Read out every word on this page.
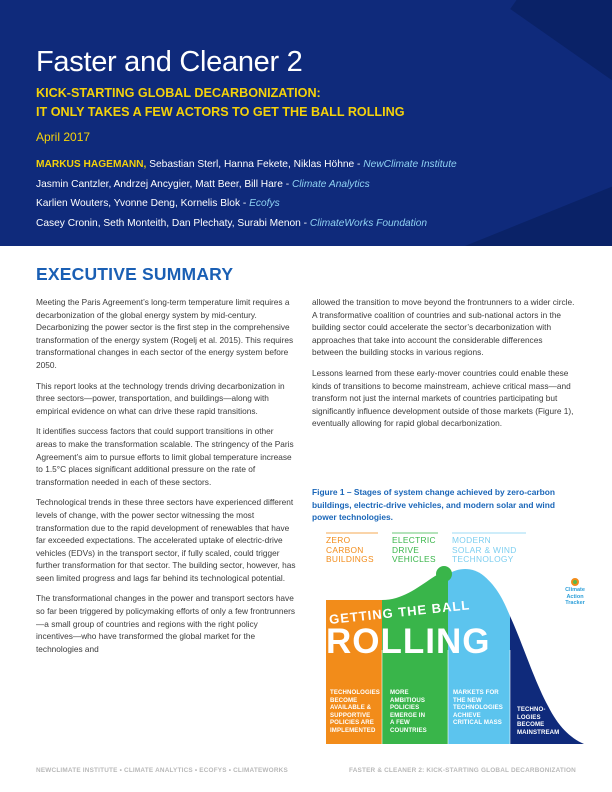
Faster and Cleaner 2
KICK-STARTING GLOBAL DECARBONIZATION:
IT ONLY TAKES A FEW ACTORS TO GET THE BALL ROLLING
April 2017
MARKUS HAGEMANN, Sebastian Sterl, Hanna Fekete, Niklas Höhne - NewClimate Institute
Jasmin Cantzler, Andrzej Ancygier, Matt Beer, Bill Hare - Climate Analytics
Karlien Wouters, Yvonne Deng, Kornelis Blok - Ecofys
Casey Cronin, Seth Monteith, Dan Plechaty, Surabi Menon - ClimateWorks Foundation
EXECUTIVE SUMMARY

Meeting the Paris Agreement’s long-term temperature limit requires a decarbonization of the global energy system by mid-century. Decarbonizing the power sector is the first step in the comprehensive transformation of the energy system (Rogelj et al. 2015). This requires transformational changes in each sector of the energy system before 2050.

This report looks at the technology trends driving decarbonization in three sectors—power, transportation, and buildings—along with empirical evidence on what can drive these rapid transitions.

It identifies success factors that could support transitions in other areas to make the transformation scalable. The stringency of the Paris Agreement’s aim to pursue efforts to limit global temperature increase to 1.5°C places significant additional pressure on the rate of transformation needed in each of these sectors.

Technological trends in these three sectors have experienced different levels of change, with the power sector witnessing the most transformation due to the rapid development of renewables that have far exceeded expectations. The accelerated uptake of electric-drive vehicles (EDVs) in the transport sector, if fully scaled, could trigger further transformation for that sector. The building sector, however, has seen limited progress and lags far behind its technological potential.

The transformational changes in the power and transport sectors have so far been triggered by policymaking efforts of only a few frontrunners—a small group of countries and regions with the right policy incentives—who have transformed the global market for the technologies and

allowed the transition to move beyond the frontrunners to a wider circle. A transformative coalition of countries and sub-national actors in the building sector could accelerate the sector’s decarbonization with approaches that take into account the considerable differences between the building stocks in various regions.

Lessons learned from these early-mover countries could enable these kinds of transitions to become mainstream, achieve critical mass—and transform not just the internal markets of countries participating but significantly influence development outside of those markets (Figure 1), eventually allowing for rapid global decarbonization.

Figure 1 – Stages of system change achieved by zero-carbon buildings, electric-drive vehicles, and modern solar and wind power technologies.
ZERO
CARBON
BUILDINGS
ELECTRIC
DRIVE
VEHICLES
MODERN
SOLAR & WIND
TECHNOLOGY
Climate
Action
Tracker
GETTING THE BALL
ROLLING
TECHNOLOGIES
BECOME
AVAILABLE &
SUPPORTIVE
POLICIES ARE
IMPLEMENTED
MORE
AMBITIOUS
POLICIES
EMERGE IN
A FEW
COUNTRIES
MARKETS FOR
THE NEW
TECHNOLOGIES
ACHIEVE
CRITICAL MASS
TECHNO-
LOGIES
BECOME
MAINSTREAM
NEWCLIMATE INSTITUTE • CLIMATE ANALYTICS • ECOFYS • CLIMATEWORKS	FASTER & CLEANER 2: KICK-STARTING GLOBAL DECARBONIZATION
